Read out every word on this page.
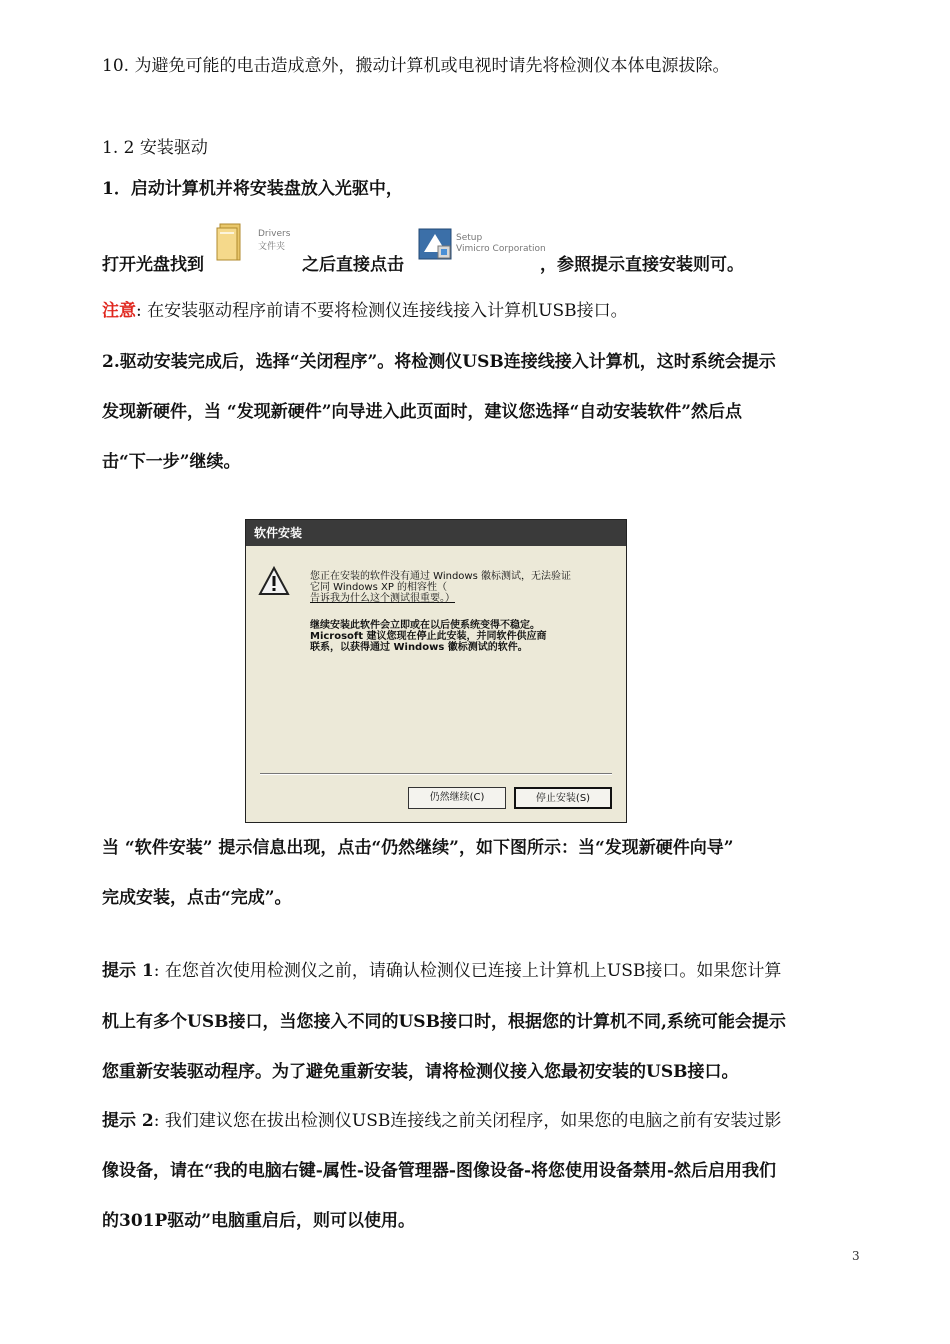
10. 为避免可能的电击造成意外，搬动计算机或电视时请先将检测仪本体电源拔除。
1. 2 安装驱动
1．启动计算机并将安装盘放入光驱中，
打开光盘找到
Drivers
文件夹
之后直接点击
Setup
Vimicro Corporation
，参照提示直接安装则可。
注意: 在安装驱动程序前请不要将检测仪连接线接入计算机USB接口。
2.驱动安装完成后，选择“关闭程序”。将检测仪USB连接线接入计算机，这时系统会提示
发现新硬件，当 “发现新硬件”向导进入此页面时，建议您选择“自动安装软件”然后点
击“下一步”继续。
软件安装
您正在安装的软件没有通过 Windows 徽标测试，无法验证
它同 Windows XP 的相容性（
告诉我为什么这个测试很重要。）
继续安装此软件会立即或在以后使系统变得不稳定。
Microsoft 建议您现在停止此安装，并同软件供应商
联系，以获得通过 Windows 徽标测试的软件。
仍然继续(C)	停止安装(S)
当 “软件安装” 提示信息出现，点击“仍然继续”，如下图所示：当“发现新硬件向导”
完成安装，点击“完成”。
提示 1: 在您首次使用检测仪之前，请确认检测仪已连接上计算机上USB接口。如果您计算
机上有多个USB接口，当您接入不同的USB接口时，根据您的计算机不同,系统可能会提示
您重新安装驱动程序。为了避免重新安装，请将检测仪接入您最初安装的USB接口。
提示 2: 我们建议您在拔出检测仪USB连接线之前关闭程序，如果您的电脑之前有安装过影
像设备，请在“我的电脑右键-属性-设备管理器-图像设备-将您使用设备禁用-然后启用我们
的301P驱动”电脑重启后，则可以使用。
3
